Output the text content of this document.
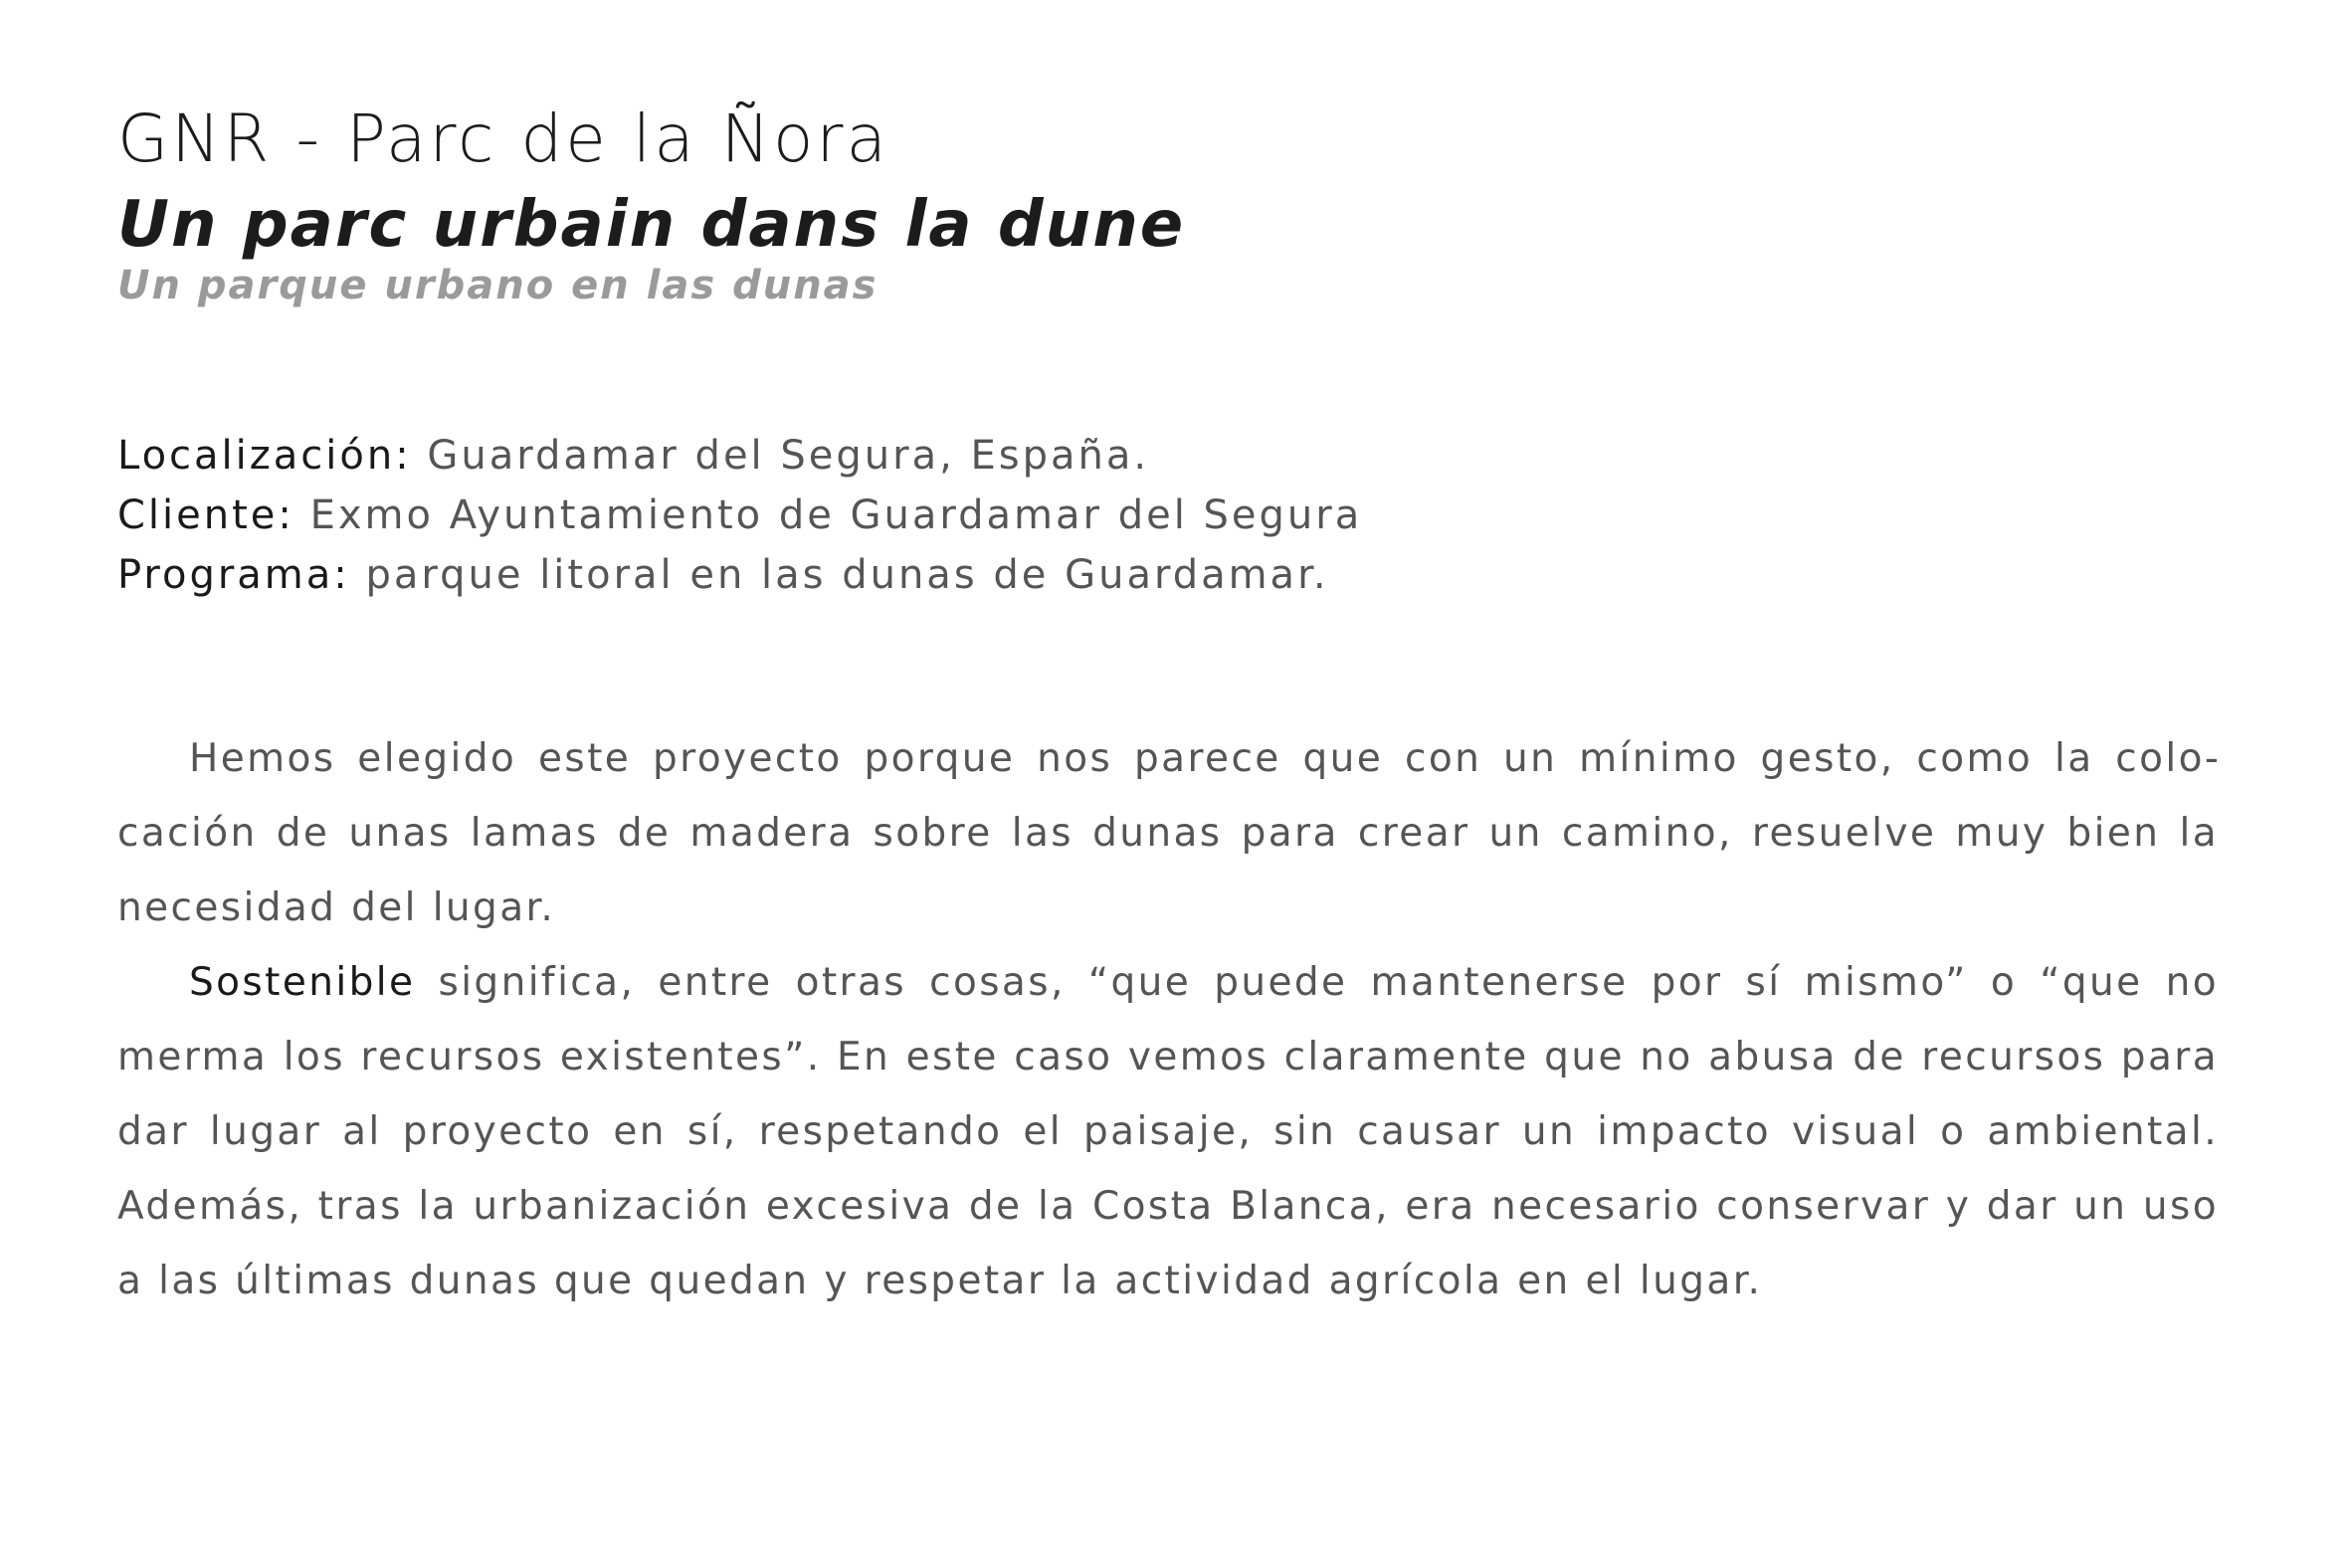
GNR - Parc de la Ñora
Un parc urbain dans la dune
Un parque urbano en las dunas
Localización: Guardamar del Segura, España.
Cliente: Exmo Ayuntamiento de Guardamar del Segura
Programa: parque litoral en las dunas de Guardamar.

Hemos elegido este proyecto porque nos parece que con un mínimo gesto, como la colocación de unas lamas de madera sobre las dunas para crear un camino, resuelve muy bien la necesidad del lugar.

Sostenible significa, entre otras cosas, “que puede mantenerse por sí mismo” o “que no merma los recursos existentes”. En este caso vemos claramente que no abusa de recursos para dar lugar al proyecto en sí, respetando el paisaje, sin causar un impacto visual o ambiental. Además, tras la urbanización excesiva de la Costa Blanca, era necesario conservar y dar un uso a las últimas dunas que quedan y respetar la actividad agrícola en el lugar.
